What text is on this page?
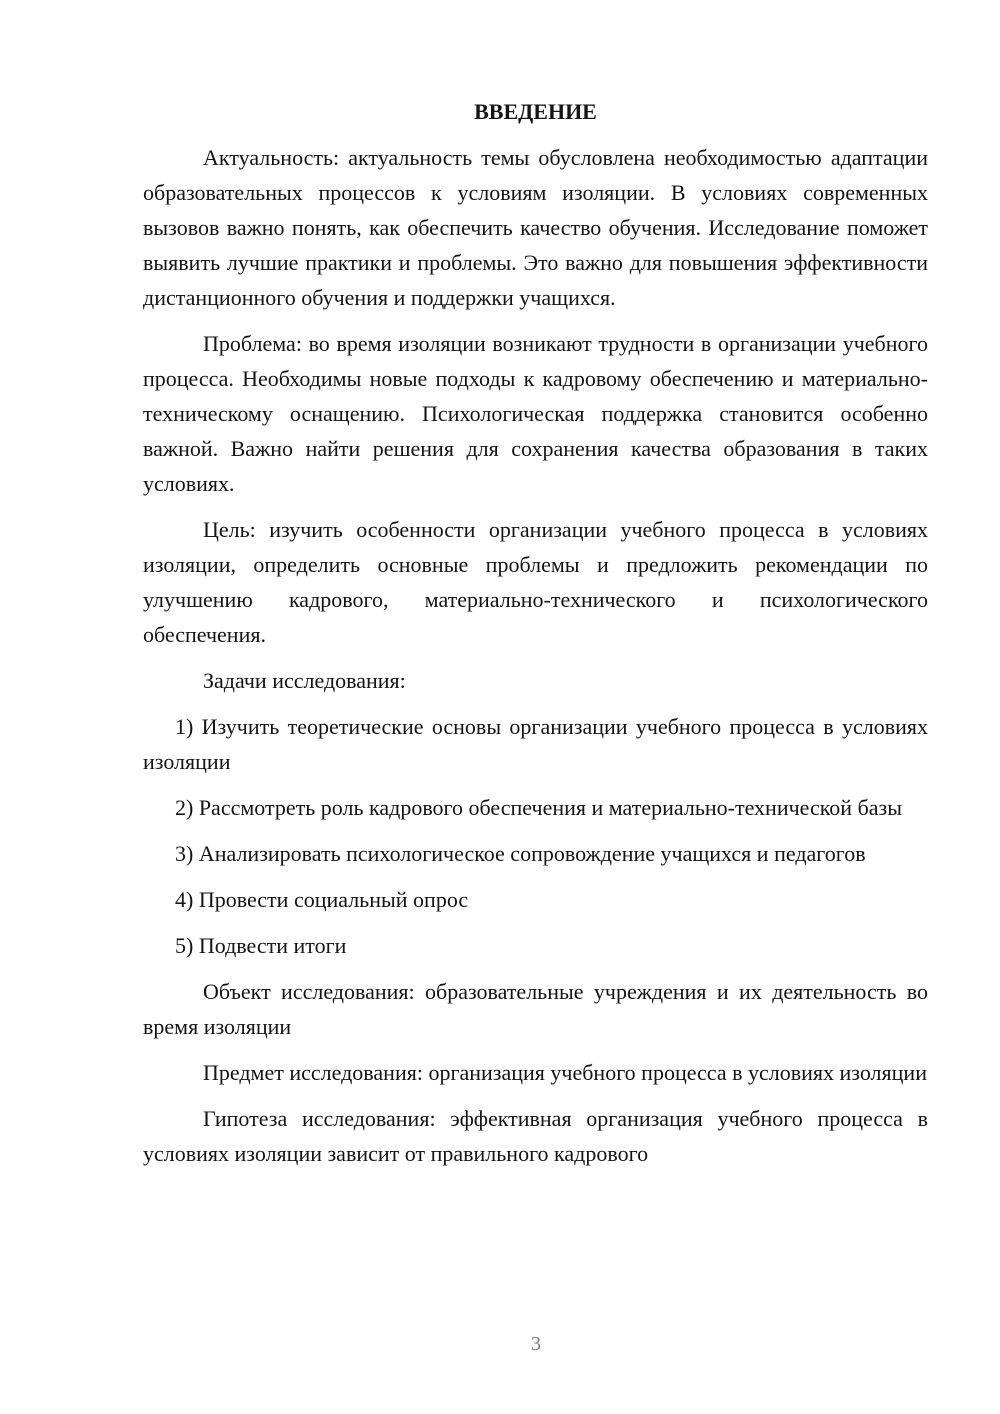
ВВЕДЕНИЕ

Актуальность: актуальность темы обусловлена необходимостью адаптации образовательных процессов к условиям изоляции. В условиях современных вызовов важно понять, как обеспечить качество обучения. Исследование поможет выявить лучшие практики и проблемы. Это важно для повышения эффективности дистанционного обучения и поддержки учащихся.

Проблема: во время изоляции возникают трудности в организации учебного процесса. Необходимы новые подходы к кадровому обеспечению и материально-техническому оснащению. Психологическая поддержка становится особенно важной. Важно найти решения для сохранения качества образования в таких условиях.

Цель: изучить особенности организации учебного процесса в условиях изоляции, определить основные проблемы и предложить рекомендации по улучшению кадрового, материально-технического и психологического обеспечения.

Задачи исследования:

1) Изучить теоретические основы организации учебного процесса в условиях изоляции

2) Рассмотреть роль кадрового обеспечения и материально-технической базы

3) Анализировать психологическое сопровождение учащихся и педагогов

4) Провести социальный опрос

5) Подвести итоги

Объект исследования: образовательные учреждения и их деятельность во время изоляции

Предмет исследования: организация учебного процесса в условиях изоляции

Гипотеза исследования: эффективная организация учебного процесса в условиях изоляции зависит от правильного кадрового

3
